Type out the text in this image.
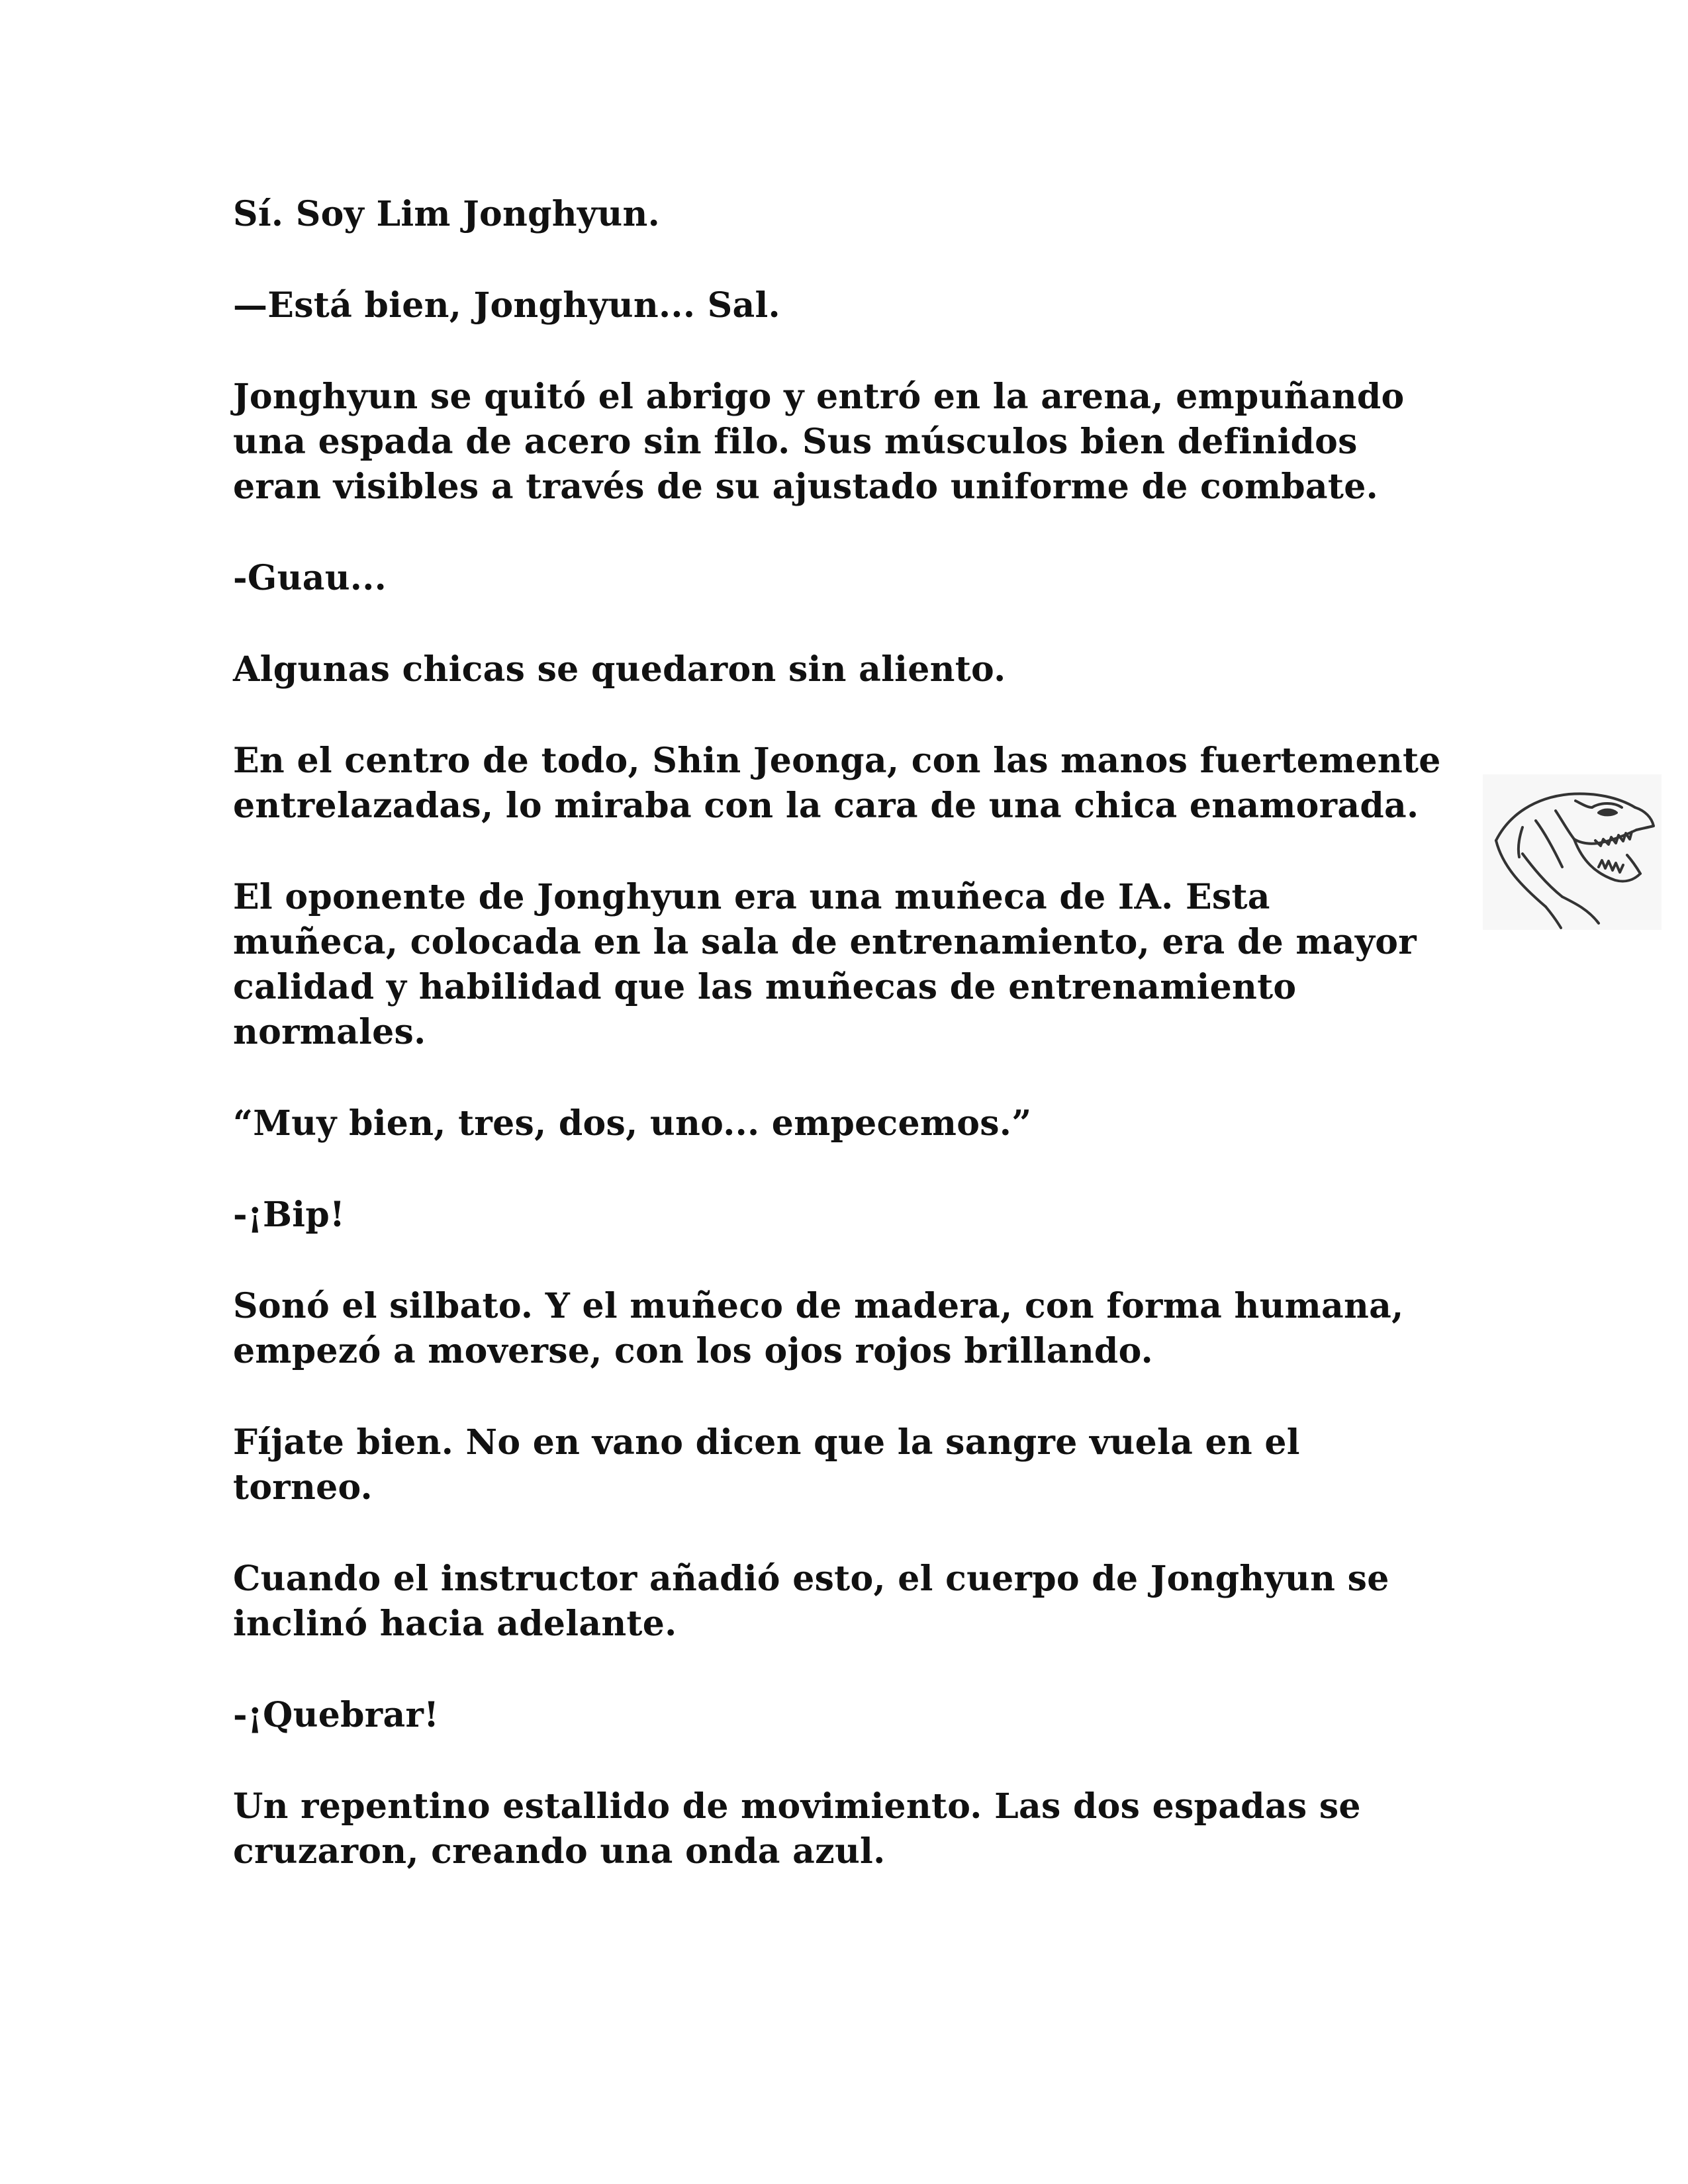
Sí. Soy Lim Jonghyun.

—Está bien, Jonghyun... Sal.

Jonghyun se quitó el abrigo y entró en la arena, empuñando
una espada de acero sin filo. Sus músculos bien definidos
eran visibles a través de su ajustado uniforme de combate.

-Guau...

Algunas chicas se quedaron sin aliento.

En el centro de todo, Shin Jeonga, con las manos fuertemente
entrelazadas, lo miraba con la cara de una chica enamorada.

El oponente de Jonghyun era una muñeca de IA. Esta
muñeca, colocada en la sala de entrenamiento, era de mayor
calidad y habilidad que las muñecas de entrenamiento
normales.

“Muy bien, tres, dos, uno... empecemos.”

-¡Bip!

Sonó el silbato. Y el muñeco de madera, con forma humana,
empezó a moverse, con los ojos rojos brillando.

Fíjate bien. No en vano dicen que la sangre vuela en el
torneo.

Cuando el instructor añadió esto, el cuerpo de Jonghyun se
inclinó hacia adelante.

-¡Quebrar!

Un repentino estallido de movimiento. Las dos espadas se
cruzaron, creando una onda azul.
